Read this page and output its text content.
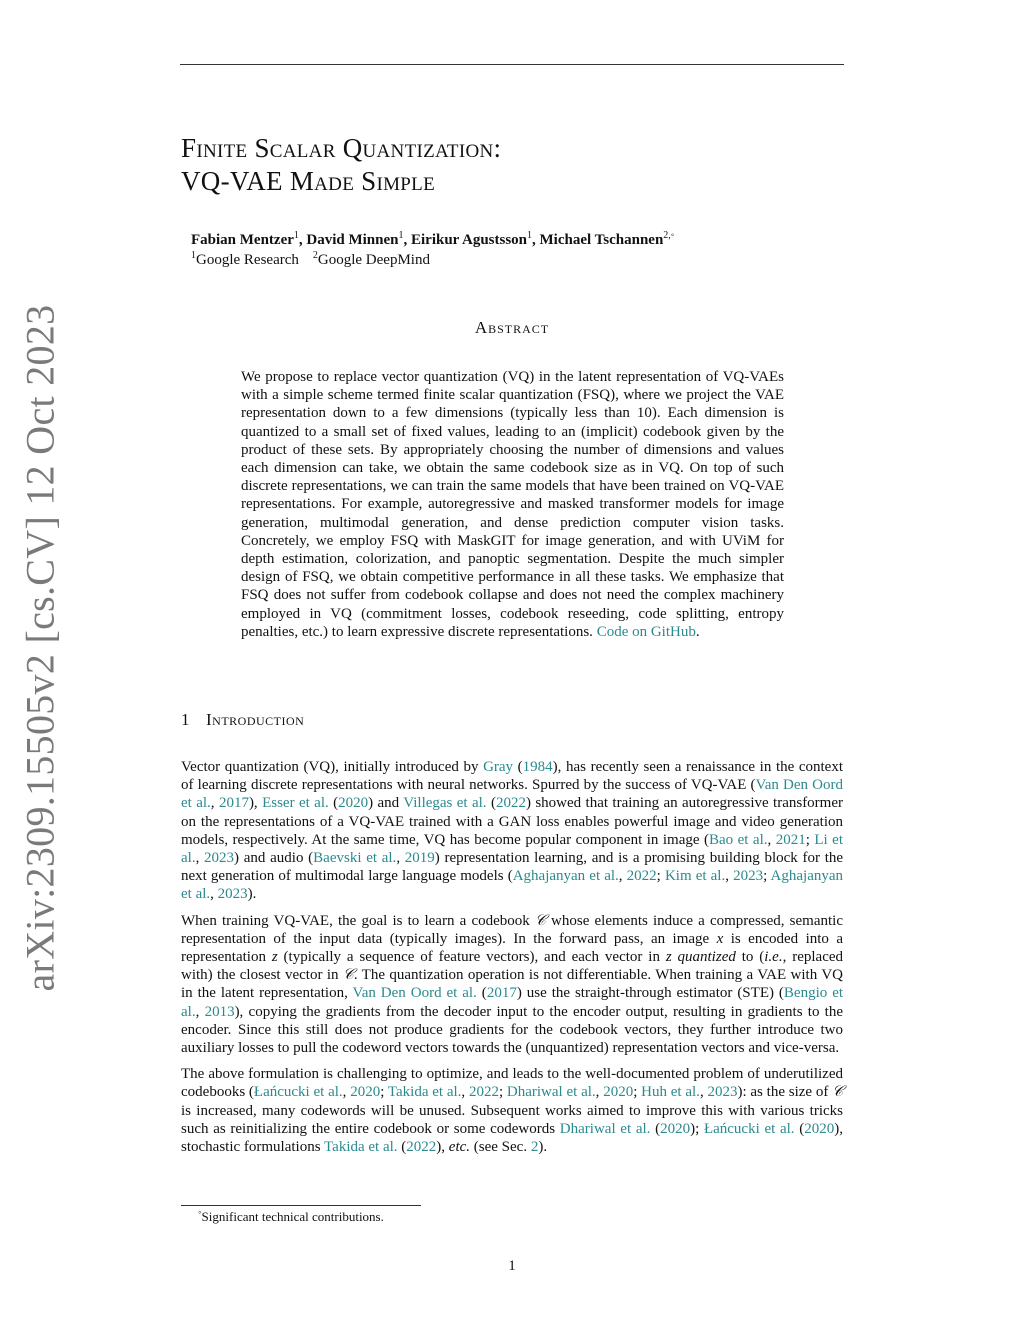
arXiv:2309.15505v2 [cs.CV] 12 Oct 2023
Finite Scalar Quantization:
VQ-VAE Made Simple
Fabian Mentzer$^1$, David Minnen$^1$, Eirikur Agustsson$^1$, Michael Tschannen$^{2,◦}$
$^1$Google Research $^2$Google DeepMind
Abstract

We propose to replace vector quantization (VQ) in the latent representation of VQ-VAEs with a simple scheme termed finite scalar quantization (FSQ), where we project the VAE representation down to a few dimensions (typically less than 10). Each dimension is quantized to a small set of fixed values, leading to an (implicit) codebook given by the product of these sets. By appropriately choosing the number of dimensions and values each dimension can take, we obtain the same codebook size as in VQ. On top of such discrete representations, we can train the same models that have been trained on VQ-VAE representations. For example, autoregressive and masked transformer models for image generation, multimodal generation, and dense prediction computer vision tasks. Concretely, we employ FSQ with MaskGIT for image generation, and with UViM for depth estimation, colorization, and panoptic segmentation. Despite the much simpler design of FSQ, we obtain competitive performance in all these tasks. We emphasize that FSQ does not suffer from codebook collapse and does not need the complex machinery employed in VQ (commitment losses, codebook reseeding, code splitting, entropy penalties, etc.) to learn expressive discrete representations. Code on GitHub.

1 Introduction

Vector quantization (VQ), initially introduced by Gray (1984), has recently seen a renaissance in the context of learning discrete representations with neural networks. Spurred by the success of VQ-VAE (Van Den Oord et al., 2017), Esser et al. (2020) and Villegas et al. (2022) showed that training an autoregressive transformer on the representations of a VQ-VAE trained with a GAN loss enables powerful image and video generation models, respectively. At the same time, VQ has become popular component in image (Bao et al., 2021; Li et al., 2023) and audio (Baevski et al., 2019) representation learning, and is a promising building block for the next generation of multimodal large language models (Aghajanyan et al., 2022; Kim et al., 2023; Aghajanyan et al., 2023).

When training VQ-VAE, the goal is to learn a codebook 𝒞 whose elements induce a compressed, semantic representation of the input data (typically images). In the forward pass, an image x is encoded into a representation z (typically a sequence of feature vectors), and each vector in z quantized to (i.e., replaced with) the closest vector in 𝒞. The quantization operation is not differentiable. When training a VAE with VQ in the latent representation, Van Den Oord et al. (2017) use the straight-through estimator (STE) (Bengio et al., 2013), copying the gradients from the decoder input to the encoder output, resulting in gradients to the encoder. Since this still does not produce gradients for the codebook vectors, they further introduce two auxiliary losses to pull the codeword vectors towards the (unquantized) representation vectors and vice-versa.

The above formulation is challenging to optimize, and leads to the well-documented problem of underutilized codebooks (Łańcucki et al., 2020; Takida et al., 2022; Dhariwal et al., 2020; Huh et al., 2023): as the size of 𝒞 is increased, many codewords will be unused. Subsequent works aimed to improve this with various tricks such as reinitializing the entire codebook or some codewords Dhariwal et al. (2020); Łańcucki et al. (2020), stochastic formulations Takida et al. (2022), etc. (see Sec. 2).

◦Significant technical contributions.
1
